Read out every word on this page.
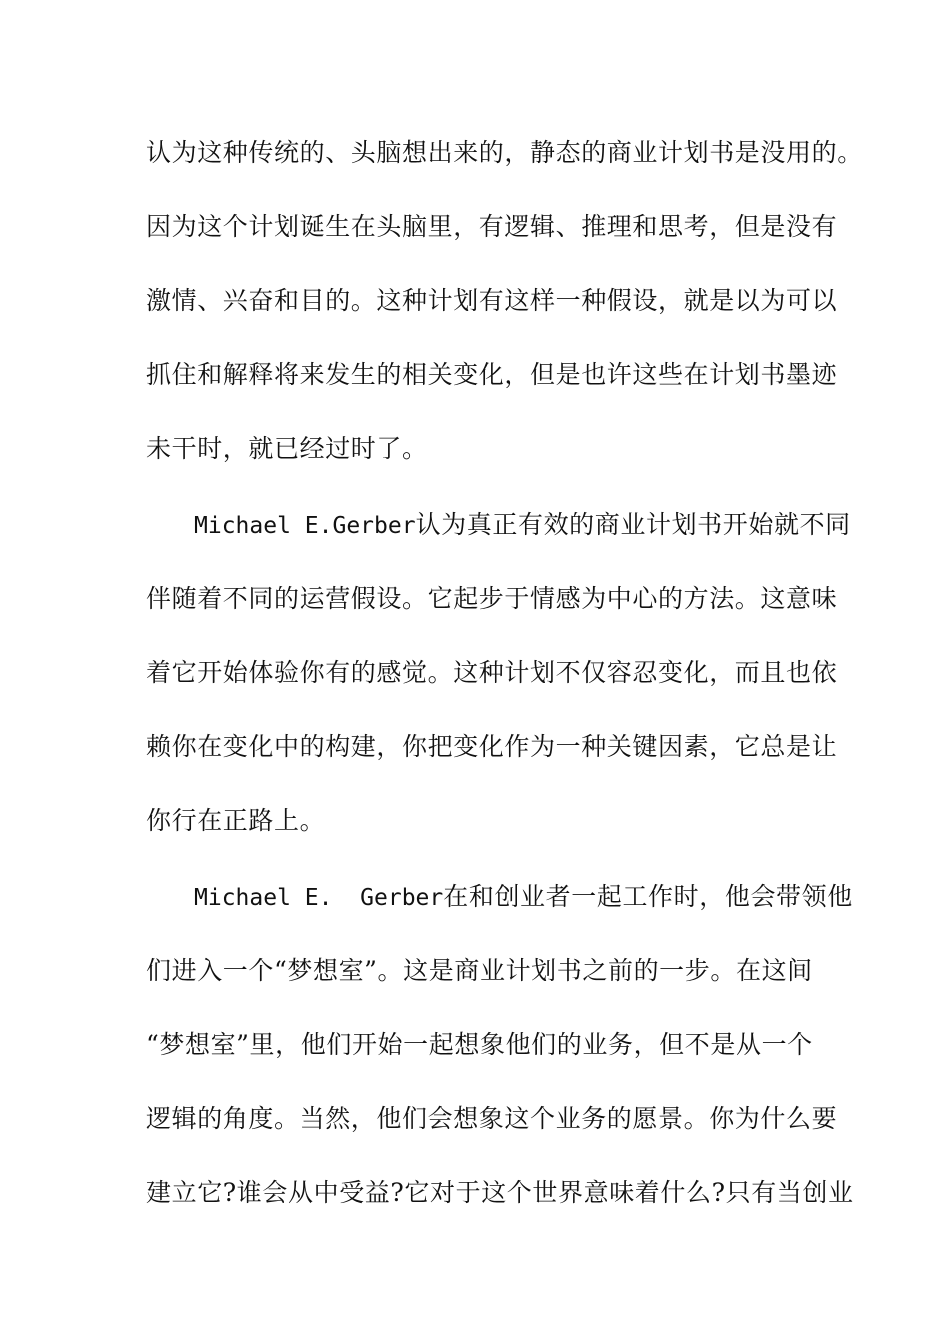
认为这种传统的、头脑想出来的，静态的商业计划书是没用的。
因为这个计划诞生在头脑里，有逻辑、推理和思考，但是没有
激情、兴奋和目的。这种计划有这样一种假设，就是以为可以
抓住和解释将来发生的相关变化，但是也许这些在计划书墨迹
未干时，就已经过时了。
Michael E.Gerber认为真正有效的商业计划书开始就不同
伴随着不同的运营假设。它起步于情感为中心的方法。这意味
着它开始体验你有的感觉。这种计划不仅容忍变化，而且也依
赖你在变化中的构建，你把变化作为一种关键因素，它总是让
你行在正路上。
Michael E.  Gerber在和创业者一起工作时，他会带领他
们进入一个“梦想室”。这是商业计划书之前的一步。在这间
“梦想室”里，他们开始一起想象他们的业务，但不是从一个
逻辑的角度。当然，他们会想象这个业务的愿景。你为什么要
建立它?谁会从中受益?它对于这个世界意味着什么?只有当创业
